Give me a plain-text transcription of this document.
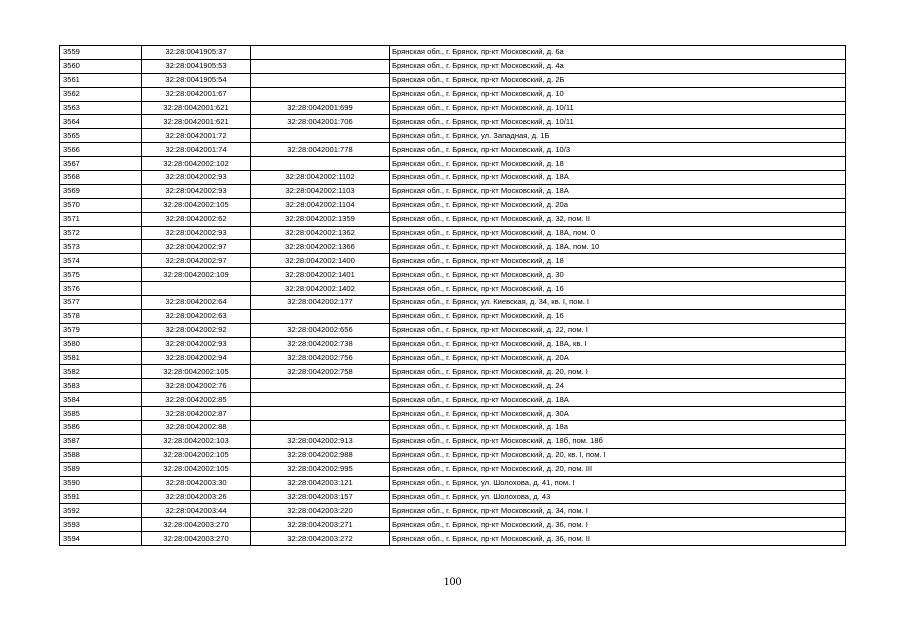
3559	32:28:0041905:37		Брянская обл., г. Брянск, пр-кт Московский, д. 6а
3560	32:28:0041905:53		Брянская обл., г. Брянск, пр-кт Московский, д. 4а
3561	32:28:0041905:54		Брянская обл., г. Брянск, пр-кт Московский, д. 2Б
3562	32:28:0042001:67		Брянская обл., г. Брянск, пр-кт Московский, д. 10
3563	32:28:0042001:621	32:28:0042001:699	Брянская обл., г. Брянск, пр-кт Московский, д. 10/11
3564	32:28:0042001:621	32:28:0042001:706	Брянская обл., г. Брянск, пр-кт Московский, д. 10/11
3565	32:28:0042001:72		Брянская обл., г. Брянск, ул. Западная, д. 1Б
3566	32:28:0042001:74	32:28:0042001:778	Брянская обл., г. Брянск, пр-кт Московский, д. 10/3
3567	32:28:0042002:102		Брянская обл., г. Брянск, пр-кт Московский, д. 18
3568	32:28:0042002:93	32:28:0042002:1102	Брянская обл., г. Брянск, пр-кт Московский, д. 18А
3569	32:28:0042002:93	32:28:0042002:1103	Брянская обл., г. Брянск, пр-кт Московский, д. 18А
3570	32:28:0042002:105	32:28:0042002:1104	Брянская обл., г. Брянск, пр-кт Московский, д. 20а
3571	32:28:0042002:62	32:28:0042002:1359	Брянская обл., г. Брянск, пр-кт Московский, д. 32, пом. II
3572	32:28:0042002:93	32:28:0042002:1362	Брянская обл., г. Брянск, пр-кт Московский, д. 18А, пом. 0
3573	32:28:0042002:97	32:28:0042002:1366	Брянская обл., г. Брянск, пр-кт Московский, д. 18А, пом. 10
3574	32:28:0042002:97	32:28:0042002:1400	Брянская обл., г. Брянск, пр-кт Московский, д. 18
3575	32:28:0042002:109	32:28:0042002:1401	Брянская обл., г. Брянск, пр-кт Московский, д. 30
3576		32:28:0042002:1402	Брянская обл., г. Брянск, пр-кт Московский, д. 16
3577	32:28:0042002:64	32:28:0042002:177	Брянская обл., г. Брянск, ул. Киевская, д. 34, кв. I, пом. I
3578	32:28:0042002:63		Брянская обл., г. Брянск, пр-кт Московский, д. 16
3579	32:28:0042002:92	32:28:0042002:656	Брянская обл., г. Брянск, пр-кт Московский, д. 22, пом. I
3580	32:28:0042002:93	32:28:0042002:738	Брянская обл., г. Брянск, пр-кт Московский, д. 18А, кв. I
3581	32:28:0042002:94	32:28:0042002:756	Брянская обл., г. Брянск, пр-кт Московский, д. 20А
3582	32:28:0042002:105	32:28:0042002:758	Брянская обл., г. Брянск, пр-кт Московский, д. 20, пом. I
3583	32:28:0042002:76		Брянская обл., г. Брянск, пр-кт Московский, д. 24
3584	32:28:0042002:85		Брянская обл., г. Брянск, пр-кт Московский, д. 18А
3585	32:28:0042002:87		Брянская обл., г. Брянск, пр-кт Московский, д. 30А
3586	32:28:0042002:88		Брянская обл., г. Брянск, пр-кт Московский, д. 18а
3587	32:28:0042002:103	32:28:0042002:913	Брянская обл., г. Брянск, пр-кт Московский, д. 18б, пом. 18б
3588	32:28:0042002:105	32:28:0042002:988	Брянская обл., г. Брянск, пр-кт Московский, д. 20, кв. I, пом. I
3589	32:28:0042002:105	32:28:0042002:995	Брянская обл., г. Брянск, пр-кт Московский, д. 20, пом. III
3590	32:28:0042003:30	32:28:0042003:121	Брянская обл., г. Брянск, ул. Шолохова, д. 41, пом. I
3591	32:28:0042003:26	32:28:0042003:157	Брянская обл., г. Брянск, ул. Шолохова, д. 43
3592	32:28:0042003:44	32:28:0042003:220	Брянская обл., г. Брянск, пр-кт Московский, д. 34, пом. I
3593	32:28:0042003:270	32:28:0042003:271	Брянская обл., г. Брянск, пр-кт Московский, д. 36, пом. I
3594	32:28:0042003:270	32:28:0042003:272	Брянская обл., г. Брянск, пр-кт Московский, д. 36, пом. II
100
